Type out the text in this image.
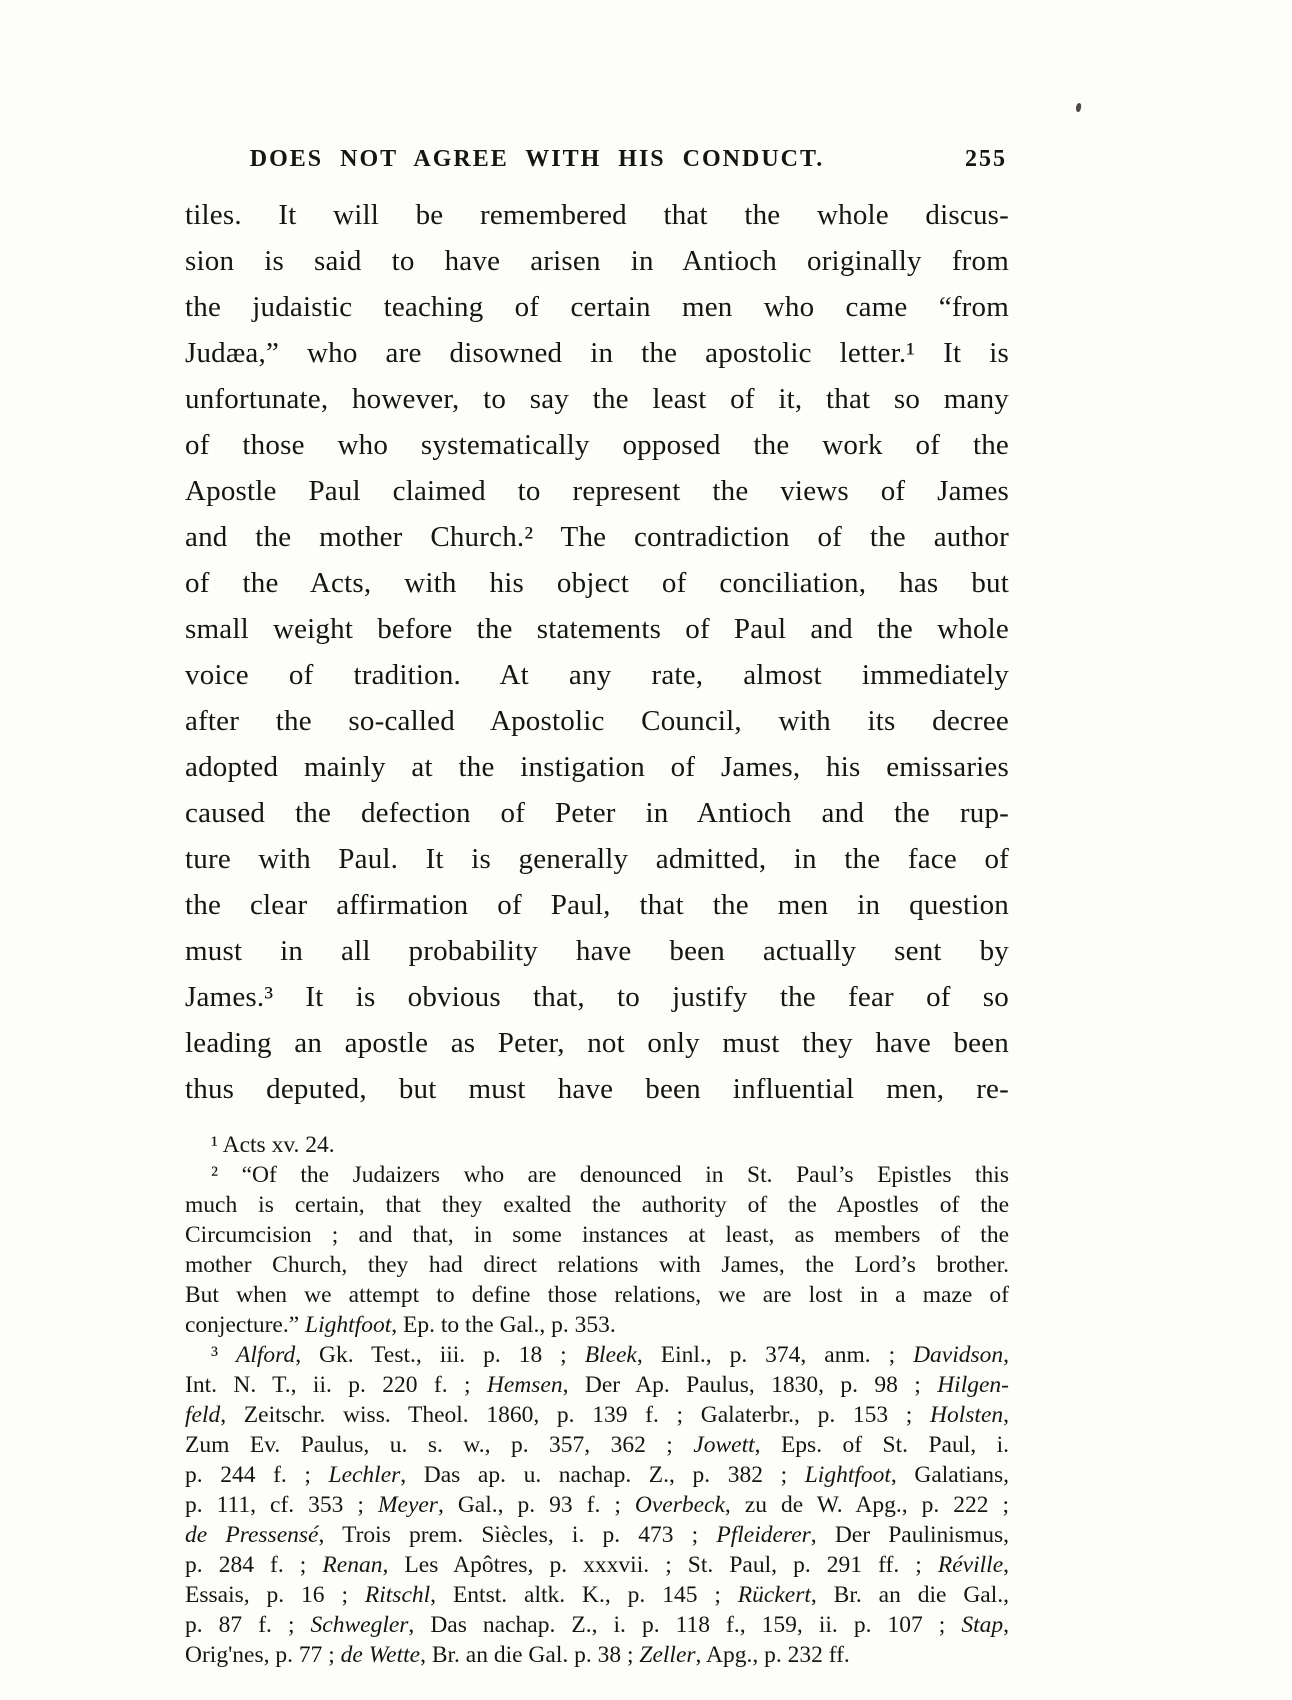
DOES NOT AGREE WITH HIS CONDUCT.	255
tiles. It will be remembered that the whole discus-
sion is said to have arisen in Antioch originally from
the judaistic teaching of certain men who came “from
Judæa,” who are disowned in the apostolic letter.¹ It is
unfortunate, however, to say the least of it, that so many
of those who systematically opposed the work of the
Apostle Paul claimed to represent the views of James
and the mother Church.² The contradiction of the author
of the Acts, with his object of conciliation, has but
small weight before the statements of Paul and the whole
voice of tradition. At any rate, almost immediately
after the so-called Apostolic Council, with its decree
adopted mainly at the instigation of James, his emissaries
caused the defection of Peter in Antioch and the rup-
ture with Paul. It is generally admitted, in the face of
the clear affirmation of Paul, that the men in question
must in all probability have been actually sent by
James.³ It is obvious that, to justify the fear of so
leading an apostle as Peter, not only must they have been
thus deputed, but must have been influential men, re-
¹ Acts xv. 24.
² “Of the Judaizers who are denounced in St. Paul’s Epistles this
much is certain, that they exalted the authority of the Apostles of the
Circumcision ; and that, in some instances at least, as members of the
mother Church, they had direct relations with James, the Lord’s brother.
But when we attempt to define those relations, we are lost in a maze of
conjecture.” Lightfoot, Ep. to the Gal., p. 353.
³ Alford, Gk. Test., iii. p. 18 ; Bleek, Einl., p. 374, anm. ; Davidson,
Int. N. T., ii. p. 220 f. ; Hemsen, Der Ap. Paulus, 1830, p. 98 ; Hilgen-
feld, Zeitschr. wiss. Theol. 1860, p. 139 f. ; Galaterbr., p. 153 ; Holsten,
Zum Ev. Paulus, u. s. w., p. 357, 362 ; Jowett, Eps. of St. Paul, i.
p. 244 f. ; Lechler, Das ap. u. nachap. Z., p. 382 ; Lightfoot, Galatians,
p. 111, cf. 353 ; Meyer, Gal., p. 93 f. ; Overbeck, zu de W. Apg., p. 222 ;
de Pressensé, Trois prem. Siècles, i. p. 473 ; Pfleiderer, Der Paulinismus,
p. 284 f. ; Renan, Les Apôtres, p. xxxvii. ; St. Paul, p. 291 ff. ; Réville,
Essais, p. 16 ; Ritschl, Entst. altk. K., p. 145 ; Rückert, Br. an die Gal.,
p. 87 f. ; Schwegler, Das nachap. Z., i. p. 118 f., 159, ii. p. 107 ; Stap,
Orig'nes, p. 77 ; de Wette, Br. an die Gal. p. 38 ; Zeller, Apg., p. 232 ff.
